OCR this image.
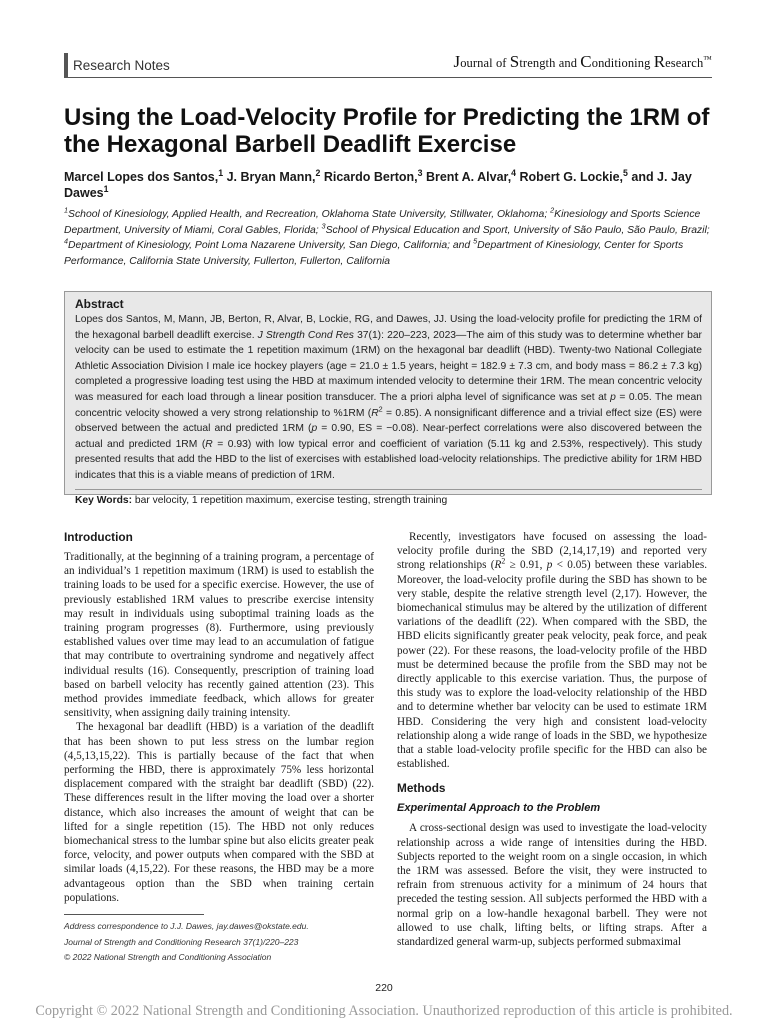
Research Notes	Journal of Strength and Conditioning Research™
Using the Load-Velocity Profile for Predicting the 1RM of the Hexagonal Barbell Deadlift Exercise
Marcel Lopes dos Santos,$^1$ J. Bryan Mann,$^2$ Ricardo Berton,$^3$ Brent A. Alvar,$^4$ Robert G. Lockie,$^5$ and J. Jay Dawes$^1$
$^1$School of Kinesiology, Applied Health, and Recreation, Oklahoma State University, Stillwater, Oklahoma; $^2$Kinesiology and Sports Science Department, University of Miami, Coral Gables, Florida; $^3$School of Physical Education and Sport, University of São Paulo, São Paulo, Brazil; $^4$Department of Kinesiology, Point Loma Nazarene University, San Diego, California; and $^5$Department of Kinesiology, Center for Sports Performance, California State University, Fullerton, Fullerton, California
Abstract

Lopes dos Santos, M, Mann, JB, Berton, R, Alvar, B, Lockie, RG, and Dawes, JJ. Using the load-velocity profile for predicting the 1RM of the hexagonal barbell deadlift exercise. J Strength Cond Res 37(1): 220–223, 2023—The aim of this study was to determine whether bar velocity can be used to estimate the 1 repetition maximum (1RM) on the hexagonal bar deadlift (HBD). Twenty-two National Collegiate Athletic Association Division I male ice hockey players (age = 21.0 ± 1.5 years, height = 182.9 ± 7.3 cm, and body mass = 86.2 ± 7.3 kg) completed a progressive loading test using the HBD at maximum intended velocity to determine their 1RM. The mean concentric velocity was measured for each load through a linear position transducer. The a priori alpha level of significance was set at p = 0.05. The mean concentric velocity showed a very strong relationship to %1RM $(R^2 = 0.85)$. A nonsignificant difference and a trivial effect size (ES) were observed between the actual and predicted 1RM (p = 0.90, ES = −0.08). Near-perfect correlations were also discovered between the actual and predicted 1RM (R = 0.93) with low typical error and coefficient of variation (5.11 kg and 2.53%, respectively). This study presented results that add the HBD to the list of exercises with established load-velocity relationships. The predictive ability for 1RM HBD indicates that this is a viable means of prediction of 1RM.

Key Words: bar velocity, 1 repetition maximum, exercise testing, strength training
Introduction

Traditionally, at the beginning of a training program, a percentage of an individual’s 1 repetition maximum (1RM) is used to establish the training loads to be used for a specific exercise. However, the use of previously established 1RM values to prescribe exercise intensity may result in individuals using suboptimal training loads as the training program progresses (8). Furthermore, using previously established values over time may lead to an accumulation of fatigue that may contribute to overtraining syndrome and negatively affect individual results (16). Consequently, prescription of training load based on barbell velocity has recently gained attention (23). This method provides immediate feedback, which allows for greater sensitivity, when assigning daily training intensity.

The hexagonal bar deadlift (HBD) is a variation of the deadlift that has been shown to put less stress on the lumbar region (4,5,13,15,22). This is partially because of the fact that when performing the HBD, there is approximately 75% less horizontal displacement compared with the straight bar deadlift (SBD) (22). These differences result in the lifter moving the load over a shorter distance, which also increases the amount of weight that can be lifted for a single repetition (15). The HBD not only reduces biomechanical stress to the lumbar spine but also elicits greater peak force, velocity, and power outputs when compared with the SBD at similar loads (4,15,22). For these reasons, the HBD may be a more advantageous option than the SBD when training certain populations.

Recently, investigators have focused on assessing the load-velocity profile during the SBD (2,14,17,19) and reported very strong relationships ($R^2 \ge 0.91$, p < 0.05) between these variables. Moreover, the load-velocity profile during the SBD has shown to be very stable, despite the relative strength level (2,17). However, the biomechanical stimulus may be altered by the utilization of different variations of the deadlift (22). When compared with the SBD, the HBD elicits significantly greater peak velocity, peak force, and peak power (22). For these reasons, the load-velocity profile of the HBD must be determined because the profile from the SBD may not be directly applicable to this exercise variation. Thus, the purpose of this study was to explore the load-velocity relationship of the HBD and to determine whether bar velocity can be used to estimate 1RM HBD. Considering the very high and consistent load-velocity relationship along a wide range of loads in the SBD, we hypothesize that a stable load-velocity profile specific for the HBD can also be established.

Methods
Experimental Approach to the Problem

A cross-sectional design was used to investigate the load-velocity relationship across a wide range of intensities during the HBD. Subjects reported to the weight room on a single occasion, in which the 1RM was assessed. Before the visit, they were instructed to refrain from strenuous activity for a minimum of 24 hours that preceded the testing session. All subjects performed the HBD with a normal grip on a low-handle hexagonal barbell. They were not allowed to use chalk, lifting belts, or lifting straps. After a standardized general warm-up, subjects performed submaximal

Address correspondence to J.J. Dawes, jay.dawes@okstate.edu.
Journal of Strength and Conditioning Research 37(1)/220–223
© 2022 National Strength and Conditioning Association
220
Copyright © 2022 National Strength and Conditioning Association. Unauthorized reproduction of this article is prohibited.
